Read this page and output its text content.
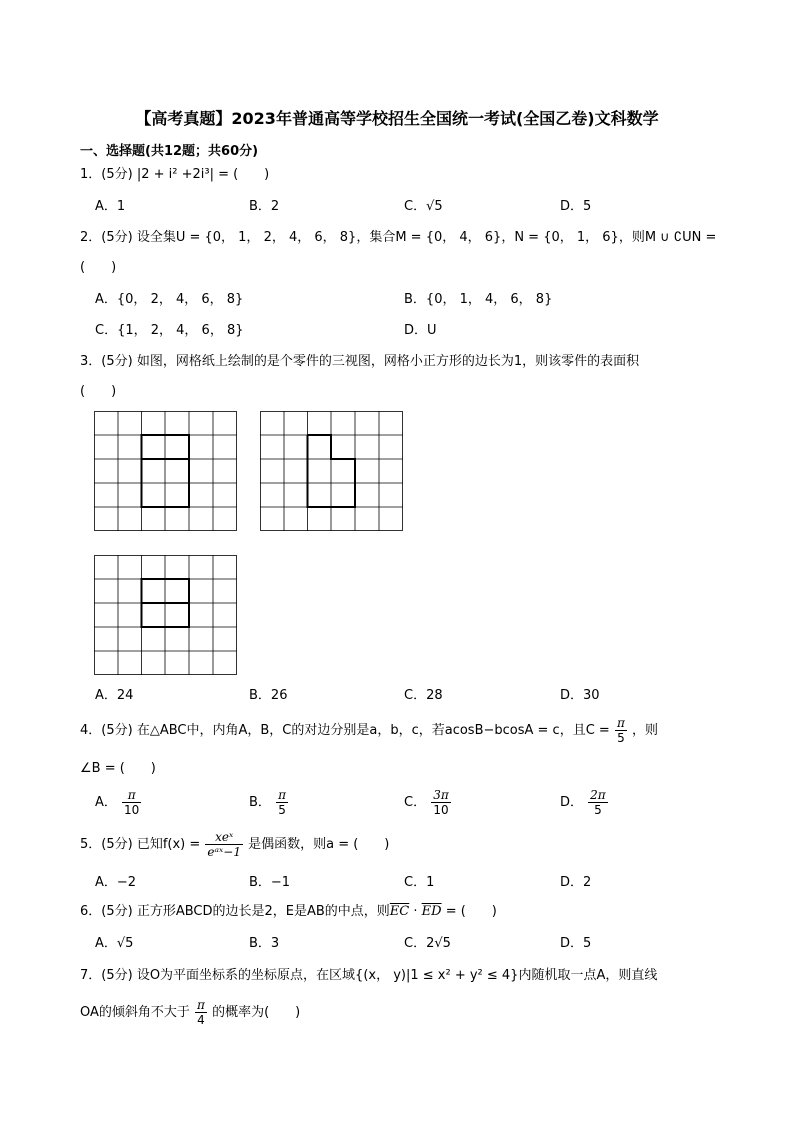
【高考真题】2023年普通高等学校招生全国统一考试(全国乙卷)文科数学
一、选择题(共12题；共60分)
1．(5分) |2 + i² +2i³| = (　　)
A．1	B．2	C．√5	D．5
2．(5分) 设全集U = {0， 1， 2， 4， 6， 8}，集合M = {0， 4， 6}，N = {0， 1， 6}，则M ∪ ∁UN =
(　　)
A．{0， 2， 4， 6， 8}	B．{0， 1， 4， 6， 8}
C．{1， 2， 4， 6， 8}	D．U
3．(5分) 如图，网格纸上绘制的是个零件的三视图，网格小正方形的边长为1，则该零件的表面积
(　　)
A．24	B．26	C．28	D．30
4．(5分) 在△ABC中，内角A，B，C的对边分别是a，b，c，若acosB−bcosA = c，且$C = \frac{\pi}{5}$ ，则
∠B = (　　)
A． $\frac{\pi}{10}$	B． $\frac{\pi}{5}$	C． $\frac{3\pi}{10}$	D． $\frac{2\pi}{5}$
5．(5分) 已知$f(x) = \frac{\text{xeˣ}}{\text{eᵃˣ−1}}$ 是偶函数，则a = (　　)
A．−2	B．−1	C．1	D．2
6．(5分) 正方形ABCD的边长是2，E是AB的中点，则$\overline{EC} \cdot \overline{ED}$ = (　　)
A．√5	B．3	C．2√5	D．5
7．(5分) 设O为平面坐标系的坐标原点，在区域{(x， y)|1 ≤ x² + y² ≤ 4}内随机取一点A，则直线
OA的倾斜角不大于 $\frac{\pi}{4}$ 的概率为(　　)
